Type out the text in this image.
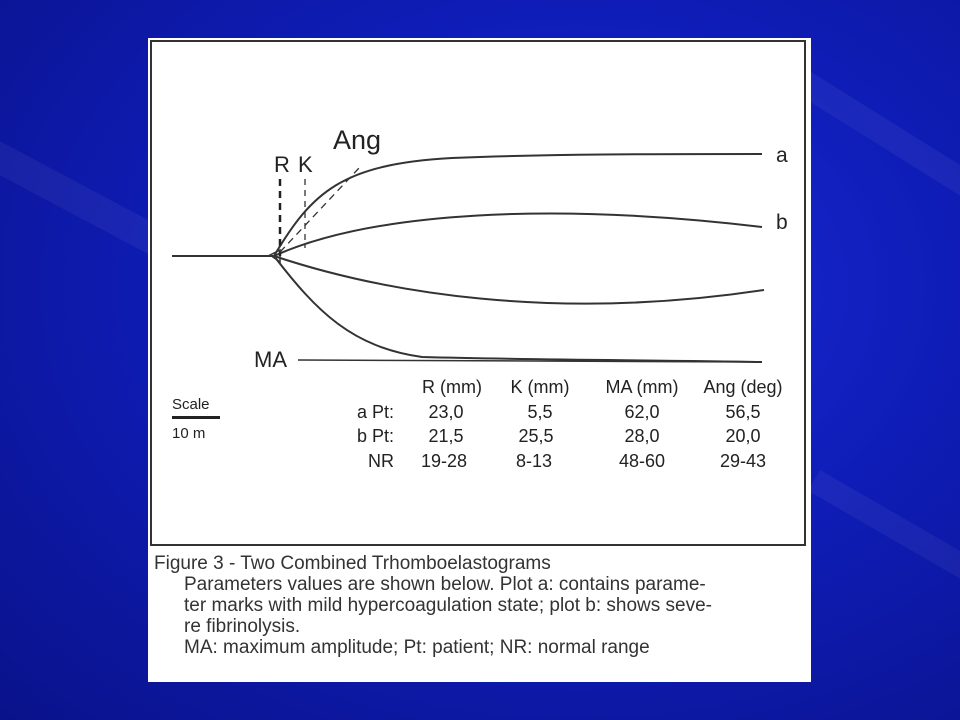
R K
Ang
a
b
MA
Scale
10 m
R (mm) K (mm) MA (mm) Ang (deg)
a Pt: 23,0	5,5	62,0	56,5
b Pt: 21,5	25,5	28,0	20,0
NR 19-28	8-13	48-60	29-43
Figure 3 - Two Combined Trhomboelastograms
Parameters values are shown below. Plot a: contains parame-
ter marks with mild hypercoagulation state; plot b: shows seve-
re fibrinolysis.
MA: maximum amplitude; Pt: patient; NR: normal range
